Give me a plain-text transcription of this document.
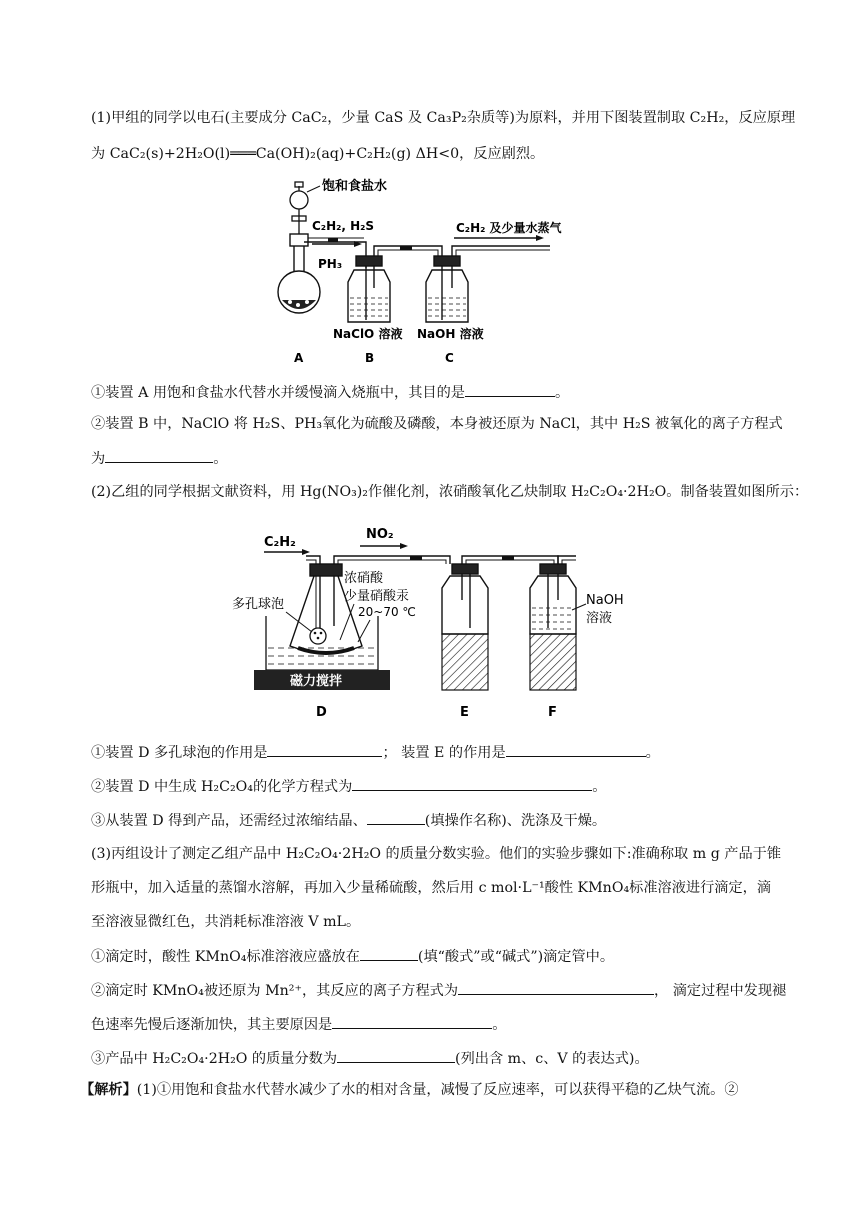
(1)甲组的同学以电石(主要成分 CaC₂，少量 CaS 及 Ca₃P₂杂质等)为原料，并用下图装置制取 C₂H₂，反应原理
为 CaC₂(s)+2H₂O(l)═══Ca(OH)₂(aq)+C₂H₂(g) ΔH<0，反应剧烈。
饱和食盐水
C₂H₂, H₂S
PH₃
C₂H₂ 及少量水蒸气
NaClO 溶液 NaOH 溶液
A	B	C
①装置 A 用饱和食盐水代替水并缓慢滴入烧瓶中，其目的是	。
②装置 B 中，NaClO 将 H₂S、PH₃氧化为硫酸及磷酸，本身被还原为 NaCl，其中 H₂S 被氧化的离子方程式
为	。
(2)乙组的同学根据文献资料，用 Hg(NO₃)₂作催化剂，浓硝酸氧化乙炔制取 H₂C₂O₄·2H₂O。制备装置如图所示：
C₂H₂
NO₂
磁力搅拌
浓硝酸
少量硝酸汞
20~70 ℃
多孔球泡	NaOH
溶液
D	E	F
①装置 D 多孔球泡的作用是	； 装置 E 的作用是	。
②装置 D 中生成 H₂C₂O₄的化学方程式为	。
③从装置 D 得到产品，还需经过浓缩结晶、	(填操作名称)、洗涤及干燥。
(3)丙组设计了测定乙组产品中 H₂C₂O₄·2H₂O 的质量分数实验。他们的实验步骤如下:准确称取 m g 产品于锥
形瓶中，加入适量的蒸馏水溶解，再加入少量稀硫酸，然后用 c mol·L⁻¹酸性 KMnO₄标准溶液进行滴定，滴
至溶液显微红色，共消耗标准溶液 V mL。
①滴定时，酸性 KMnO₄标准溶液应盛放在	(填“酸式”或“碱式”)滴定管中。
②滴定时 KMnO₄被还原为 Mn²⁺，其反应的离子方程式为	， 滴定过程中发现褪
色速率先慢后逐渐加快，其主要原因是	。
③产品中 H₂C₂O₄·2H₂O 的质量分数为	(列出含 m、c、V 的表达式)。
【解析】(1)①用饱和食盐水代替水减少了水的相对含量，减慢了反应速率，可以获得平稳的乙炔气流。②
